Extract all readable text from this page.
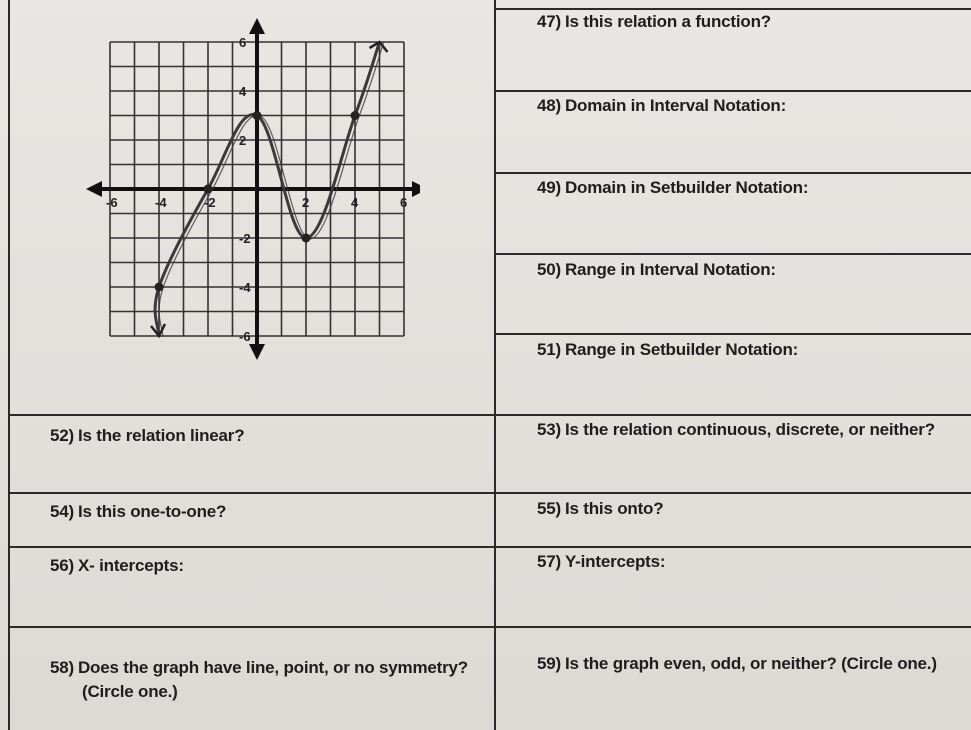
-6	-4	-2	2	4	6
6
4
2
-2
-4
-6
47) Is this relation a function?
48) Domain in Interval Notation:
49) Domain in Setbuilder Notation:
50) Range in Interval Notation:
51) Range in Setbuilder Notation:
52) Is the relation linear?	53) Is the relation continuous, discrete, or neither?
54) Is this one-to-one?	55) Is this onto?
56) X- intercepts:	57) Y-intercepts:
58) Does the graph have line, point, or no symmetry? (Circle one.)
59) Is the graph even, odd, or neither? (Circle one.)
